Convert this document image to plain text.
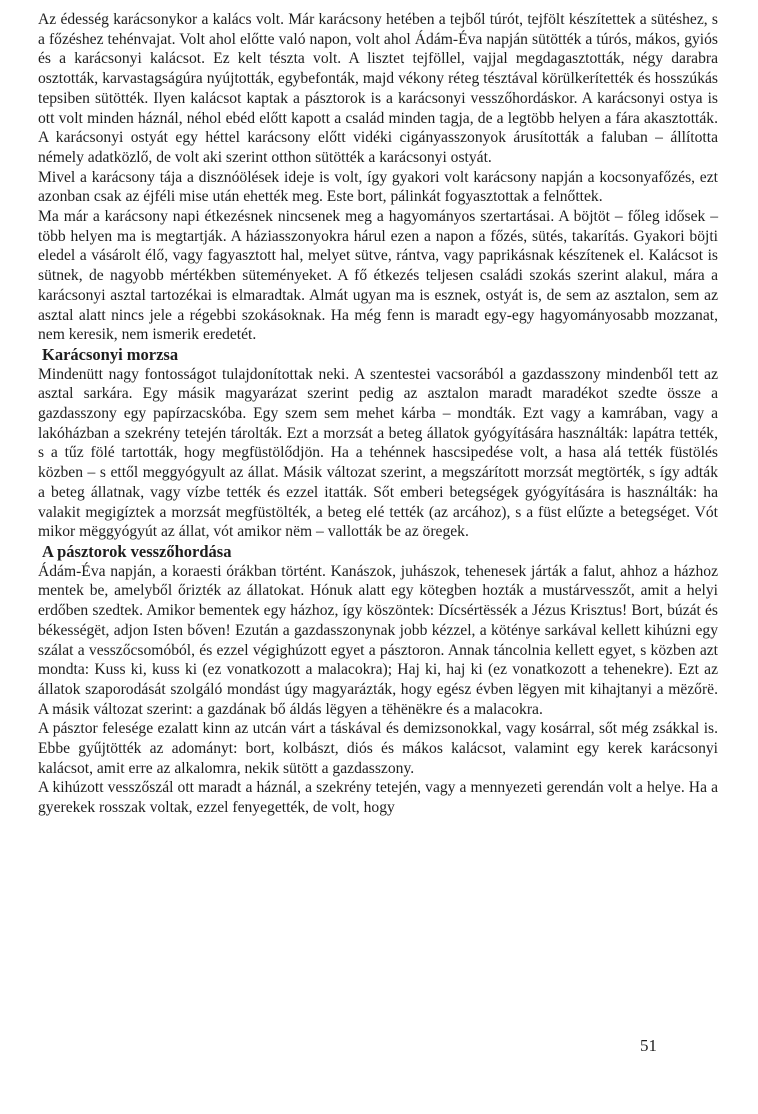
Az édesség karácsonykor a kalács volt. Már karácsony hetében a tejből túrót, tejfölt készítettek a sütéshez, s a főzéshez tehénvajat. Volt ahol előtte való napon, volt ahol Ádám-Éva napján sütötték a túrós, mákos, gyiós és a karácsonyi kalácsot. Ez kelt tészta volt. A lisztet tejföllel, vajjal megdagasztották, négy darabra osztották, karvastagságúra nyújtották, egybefonták, majd vékony réteg tésztával körülkerítették és hosszúkás tepsiben sütötték. Ilyen kalácsot kaptak a pásztorok is a karácsonyi vesszőhordáskor. A karácsonyi ostya is ott volt minden háznál, néhol ebéd előtt kapott a család minden tagja, de a legtöbb helyen a fára akasztották. A karácsonyi ostyát egy héttel karácsony előtt vidéki cigányasszonyok árusították a faluban – állította némely adatközlő, de volt aki szerint otthon sütötték a karácsonyi ostyát.

Mivel a karácsony tája a disznóölések ideje is volt, így gyakori volt karácsony napján a kocsonyafőzés, ezt azonban csak az éjféli mise után ehették meg. Este bort, pálinkát fogyasztottak a felnőttek.

Ma már a karácsony napi étkezésnek nincsenek meg a hagyományos szertartásai. A böjtöt – főleg idősek – több helyen ma is megtartják. A háziasszonyokra hárul ezen a napon a főzés, sütés, takarítás. Gyakori böjti eledel a vásárolt élő, vagy fagyasztott hal, melyet sütve, rántva, vagy paprikásnak készítenek el. Kalácsot is sütnek, de nagyobb mértékben süteményeket. A fő étkezés teljesen családi szokás szerint alakul, mára a karácsonyi asztal tartozékai is elmaradtak. Almát ugyan ma is esznek, ostyát is, de sem az asztalon, sem az asztal alatt nincs jele a régebbi szokásoknak. Ha még fenn is maradt egy-egy hagyományosabb mozzanat, nem keresik, nem ismerik eredetét.

Karácsonyi morzsa

Mindenütt nagy fontosságot tulajdonítottak neki. A szentestei vacsorából a gazdasszony mindenből tett az asztal sarkára. Egy másik magyarázat szerint pedig az asztalon maradt maradékot szedte össze a gazdasszony egy papírzacskóba. Egy szem sem mehet kárba – mondták. Ezt vagy a kamrában, vagy a lakóházban a szekrény tetején tárolták. Ezt a morzsát a beteg állatok gyógyítására használták: lapátra tették, s a tűz fölé tartották, hogy megfüstölődjön. Ha a tehénnek hascsipedése volt, a hasa alá tették füstölés közben – s ettől meggyógyult az állat. Másik változat szerint, a megszárított morzsát megtörték, s így adták a beteg állatnak, vagy vízbe tették és ezzel itatták. Sőt emberi betegségek gyógyítására is használták: ha valakit megigíztek a morzsát megfüstölték, a beteg elé tették (az arcához), s a füst elűzte a betegséget. Vót mikor mëggyógyút az állat, vót amikor nëm – vallották be az öregek.

A pásztorok vesszőhordása

Ádám-Éva napján, a koraesti órákban történt. Kanászok, juhászok, tehenesek járták a falut, ahhoz a házhoz mentek be, amelyből őrizték az állatokat. Hónuk alatt egy kötegben hozták a mustárvesszőt, amit a helyi erdőben szedtek. Amikor bementek egy házhoz, így köszöntek: Dícsértëssék a Jézus Krisztus! Bort, búzát és békességët, adjon Isten bőven! Ezután a gazdasszonynak jobb kézzel, a kötényе sarkával kellett kihúzni egy szálat a vesszőcsomóból, és ezzel végighúzott egyet a pásztoron. Annak táncolnia kellett egyet, s közben azt mondta: Kuss ki, kuss ki (ez vonatkozott a malacokra); Haj ki, haj ki (ez vonatkozott a tehenekre). Ezt az állatok szaporodását szolgáló mondást úgy magyarázták, hogy egész évben lëgyen mit kihajtanyi a mëzőrë. A másik változat szerint: a gazdának bő áldás lëgyen a tëhënëkre és a malacokra.

A pásztor felesége ezalatt kinn az utcán várt a táskával és demizsonokkal, vagy kosárral, sőt még zsákkal is. Ebbe gyűjtötték az adományt: bort, kolbászt, diós és mákos kalácsot, valamint egy kerek karácsonyi kalácsot, amit erre az alkalomra, nekik sütött a gazdasszony.

A kihúzott vesszőszál ott maradt a háznál, a szekrény tetején, vagy a mennyezeti gerendán volt a helye. Ha a gyerekek rosszak voltak, ezzel fenyegették, de volt, hogy

51
